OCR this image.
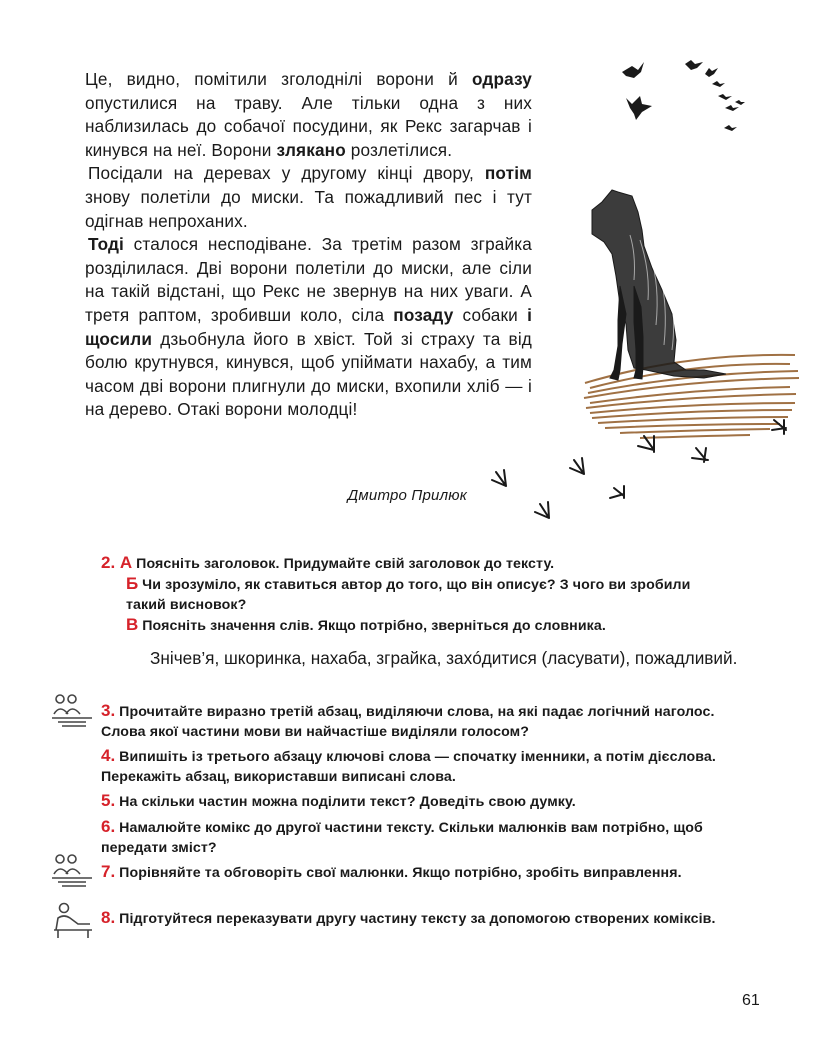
Це, видно, помітили зголоднілі ворони й одразу опустилися на траву. Але тільки одна з них наблизилась до собачої посудини, як Рекс загарчав і кинувся на неї. Ворони злякано розлетілися.

Посідали на деревах у другому кінці двору, потім знову полетіли до миски. Та пожадливий пес і тут одігнав непроханих.

Тоді сталося несподіване. За третім разом зграйка розділилася. Дві ворони полетіли до миски, але сіли на такій відстані, що Рекс не звернув на них уваги. А третя раптом, зробивши коло, сіла позаду собаки і щосили дзьобнула його в хвіст. Той зі страху та від болю крутнувся, кинувся, щоб упіймати нахабу, а тим часом дві ворони плигнули до миски, вхопили хліб — і на дерево. Отакі ворони молодці!

Дмитро Прилюк
2. А Поясніть заголовок. Придумайте свій заголовок до тексту.
Б Чи зрозуміло, як ставиться автор до того, що він описує? З чого ви зробили такий висновок?
В Поясніть значення слів. Якщо потрібно, зверніться до словника.
Знічев’я, шкоринка, нахаба, зграйка, захóдитися (ласувати), пожадливий.
3. Прочитайте виразно третій абзац, виділяючи слова, на які падає логічний наголос. Слова якої частини мови ви найчастіше виділяли голосом?
4. Випишіть із третього абзацу ключові слова — спочатку іменники, а потім дієслова. Перекажіть абзац, використавши виписані слова.
5. На скільки частин можна поділити текст? Доведіть свою думку.
6. Намалюйте комікс до другої частини тексту. Скільки малюнків вам потрібно, щоб передати зміст?
7. Порівняйте та обговоріть свої малюнки. Якщо потрібно, зробіть виправлення.
8. Підготуйтеся переказувати другу частину тексту за допомогою створених коміксів.
61
